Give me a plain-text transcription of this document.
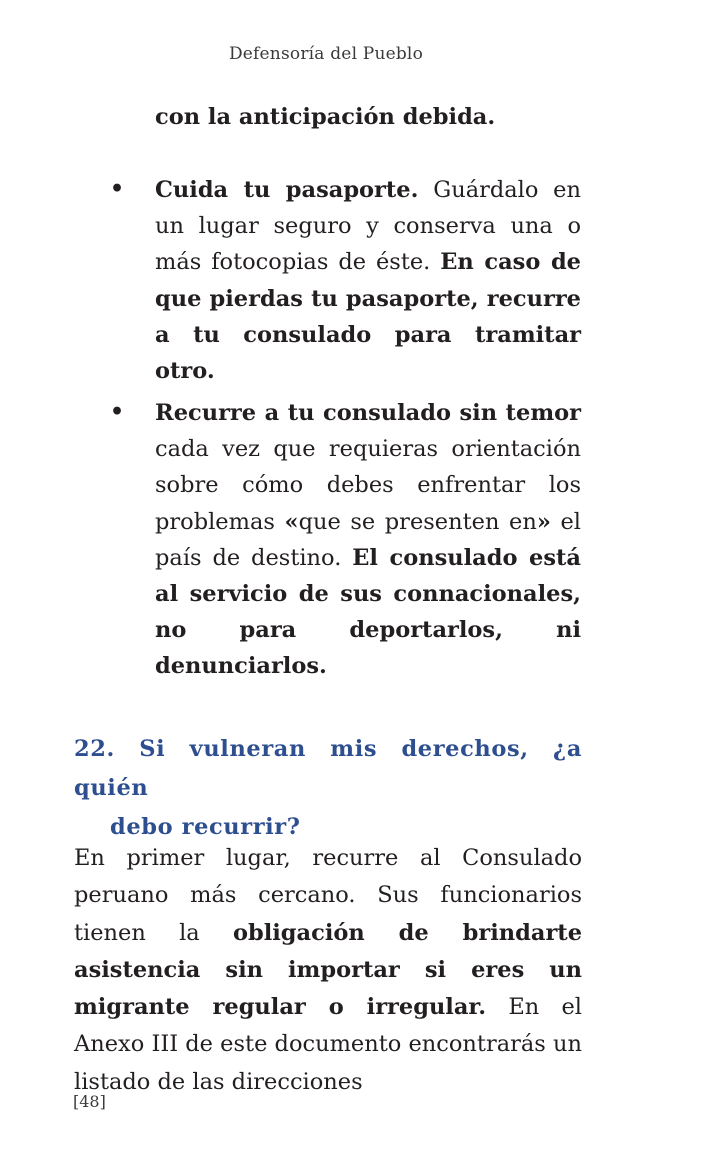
Defensoría del Pueblo
con la anticipación debida.
• Cuida tu pasaporte. Guárdalo en un lugar seguro y conserva una o más fotocopias de éste. En caso de que pierdas tu pasaporte, recurre a tu consulado para tramitar otro.
• Recurre a tu consulado sin temor cada vez que requieras orientación sobre cómo debes enfrentar los problemas «que se presenten en» el país de destino. El consulado está al servicio de sus connacionales, no para deportarlos, ni denunciarlos.
22. Si vulneran mis derechos, ¿a quién
debo recurrir?
En primer lugar, recurre al Consulado peruano más cercano. Sus funcionarios tienen la obligación de brindarte asistencia sin importar si eres un migrante regular o irregular. En el Anexo III de este documento encontrarás un listado de las direcciones
[48]
